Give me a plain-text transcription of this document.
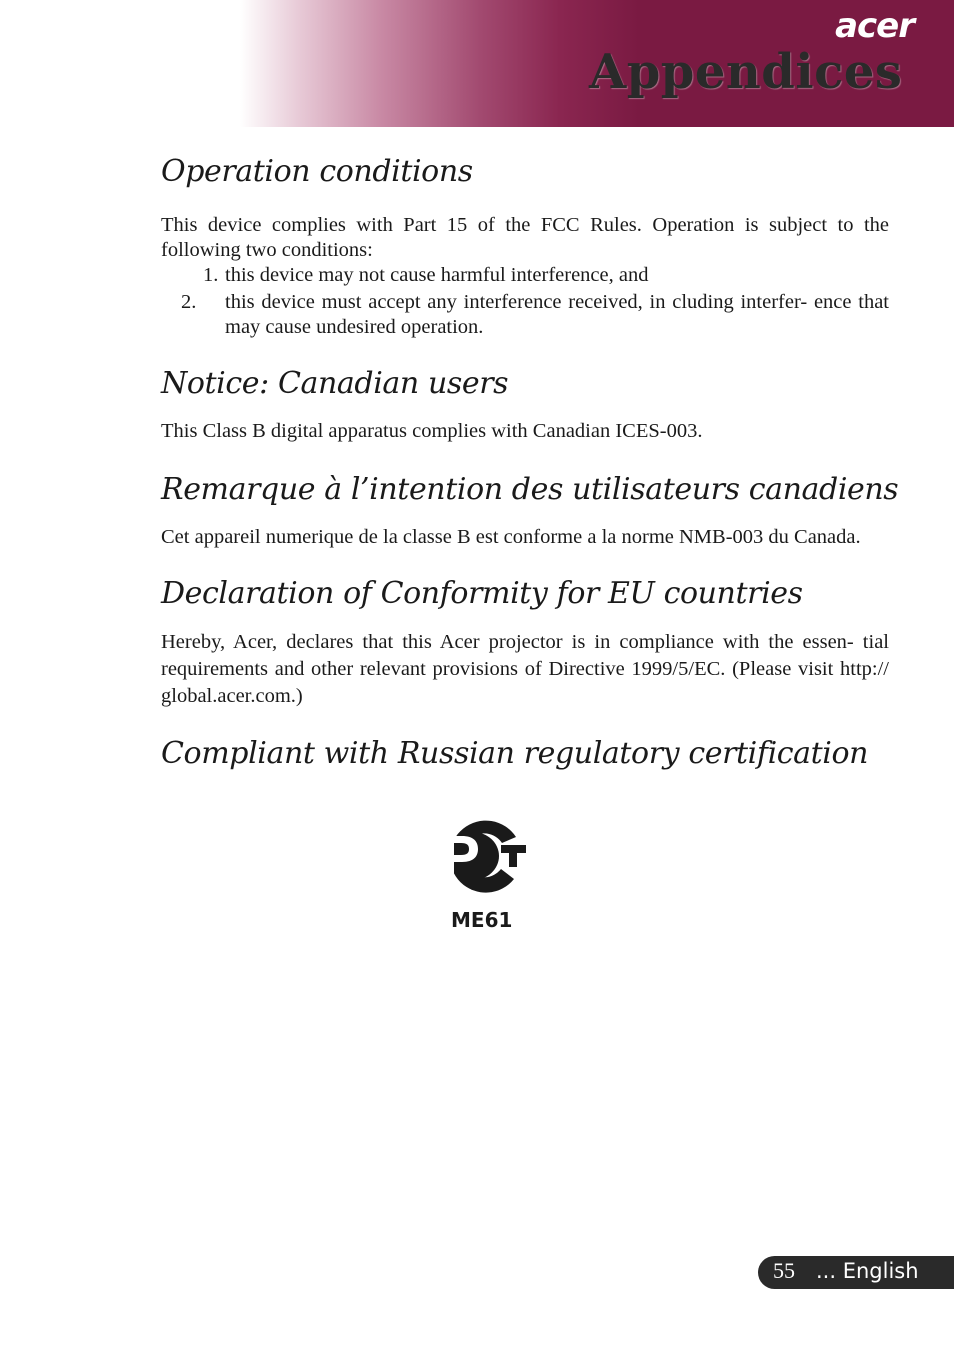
acer
Appendices
Operation conditions

This device complies with Part 15 of the FCC Rules. Operation is subject to the following two conditions:

1. this device may not cause harmful interference, and
2. this device must accept any interference received, in cluding interfer- ence that may cause undesired operation.
Notice: Canadian users

This Class B digital apparatus complies with Canadian ICES-003.

Remarque à l’intention des utilisateurs canadiens

Cet appareil numerique de la classe B est conforme a la norme NMB-003 du Canada.

Declaration of Conformity for EU countries

Hereby, Acer, declares that this Acer projector is in compliance with the essen- tial requirements and other relevant provisions of Directive 1999/5/EC. (Please visit http:// global.acer.com.)

Compliant with Russian regulatory certification
ME61
55 ... English
